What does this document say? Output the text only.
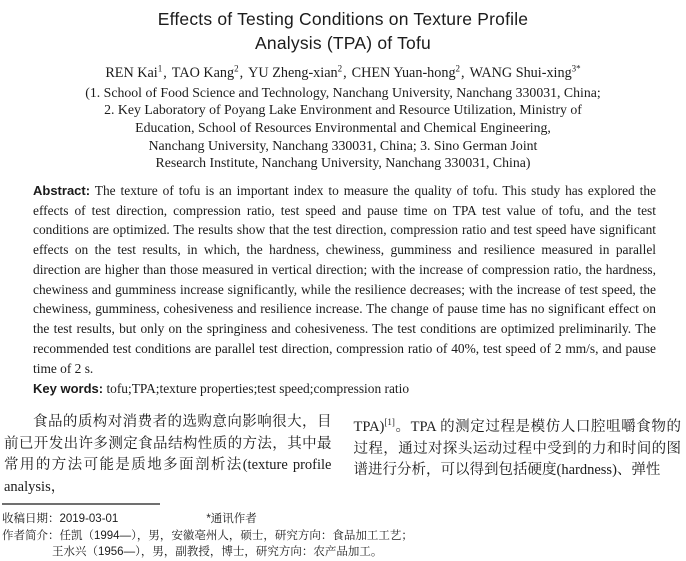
Effects of Testing Conditions on Texture Profile
Analysis (TPA) of Tofu
REN Kai$^1$, TAO Kang$^2$, YU Zheng-xian$^2$, CHEN Yuan-hong$^2$, WANG Shui-xing$^{3*}$
(1. School of Food Science and Technology, Nanchang University, Nanchang 330031, China;
2. Key Laboratory of Poyang Lake Environment and Resource Utilization, Ministry of
Education, School of Resources Environmental and Chemical Engineering,
Nanchang University, Nanchang 330031, China; 3. Sino German Joint
Research Institute, Nanchang University, Nanchang 330031, China)
Abstract: The texture of tofu is an important index to measure the quality of tofu. This study has explored the effects of test direction, compression ratio, test speed and pause time on TPA test value of tofu, and the test conditions are optimized. The results show that the test direction, compression ratio and test speed have significant effects on the test results, in which, the hardness, chewiness, gumminess and resilience measured in parallel direction are higher than those measured in vertical direction; with the increase of compression ratio, the hardness, chewiness and gumminess increase significantly, while the resilience decreases; with the increase of test speed, the chewiness, gumminess, cohesiveness and resilience increase. The change of pause time has no significant effect on the test results, but only on the springiness and cohesiveness. The test conditions are optimized preliminarily. The recommended test conditions are parallel test direction, compression ratio of 40%, test speed of 2 mm/s, and pause time of 2 s.
Key words: tofu;TPA;texture properties;test speed;compression ratio
食品的质构对消费者的选购意向影响很大，目前已开发出许多测定食品结构性质的方法，其中最常用的方法可能是质地多面剖析法(texture profile analysis，
TPA)[1]。TPA 的测定过程是模仿人口腔咀嚼食物的过程，通过对探头运动过程中受到的力和时间的图谱进行分析，可以得到包括硬度(hardness)、弹性
收稿日期：2019-03-01	*通讯作者
作者简介：任凯（1994—），男，安徽亳州人，硕士，研究方向：食品加工工艺；
王水兴（1956—），男，副教授，博士，研究方向：农产品加工。
